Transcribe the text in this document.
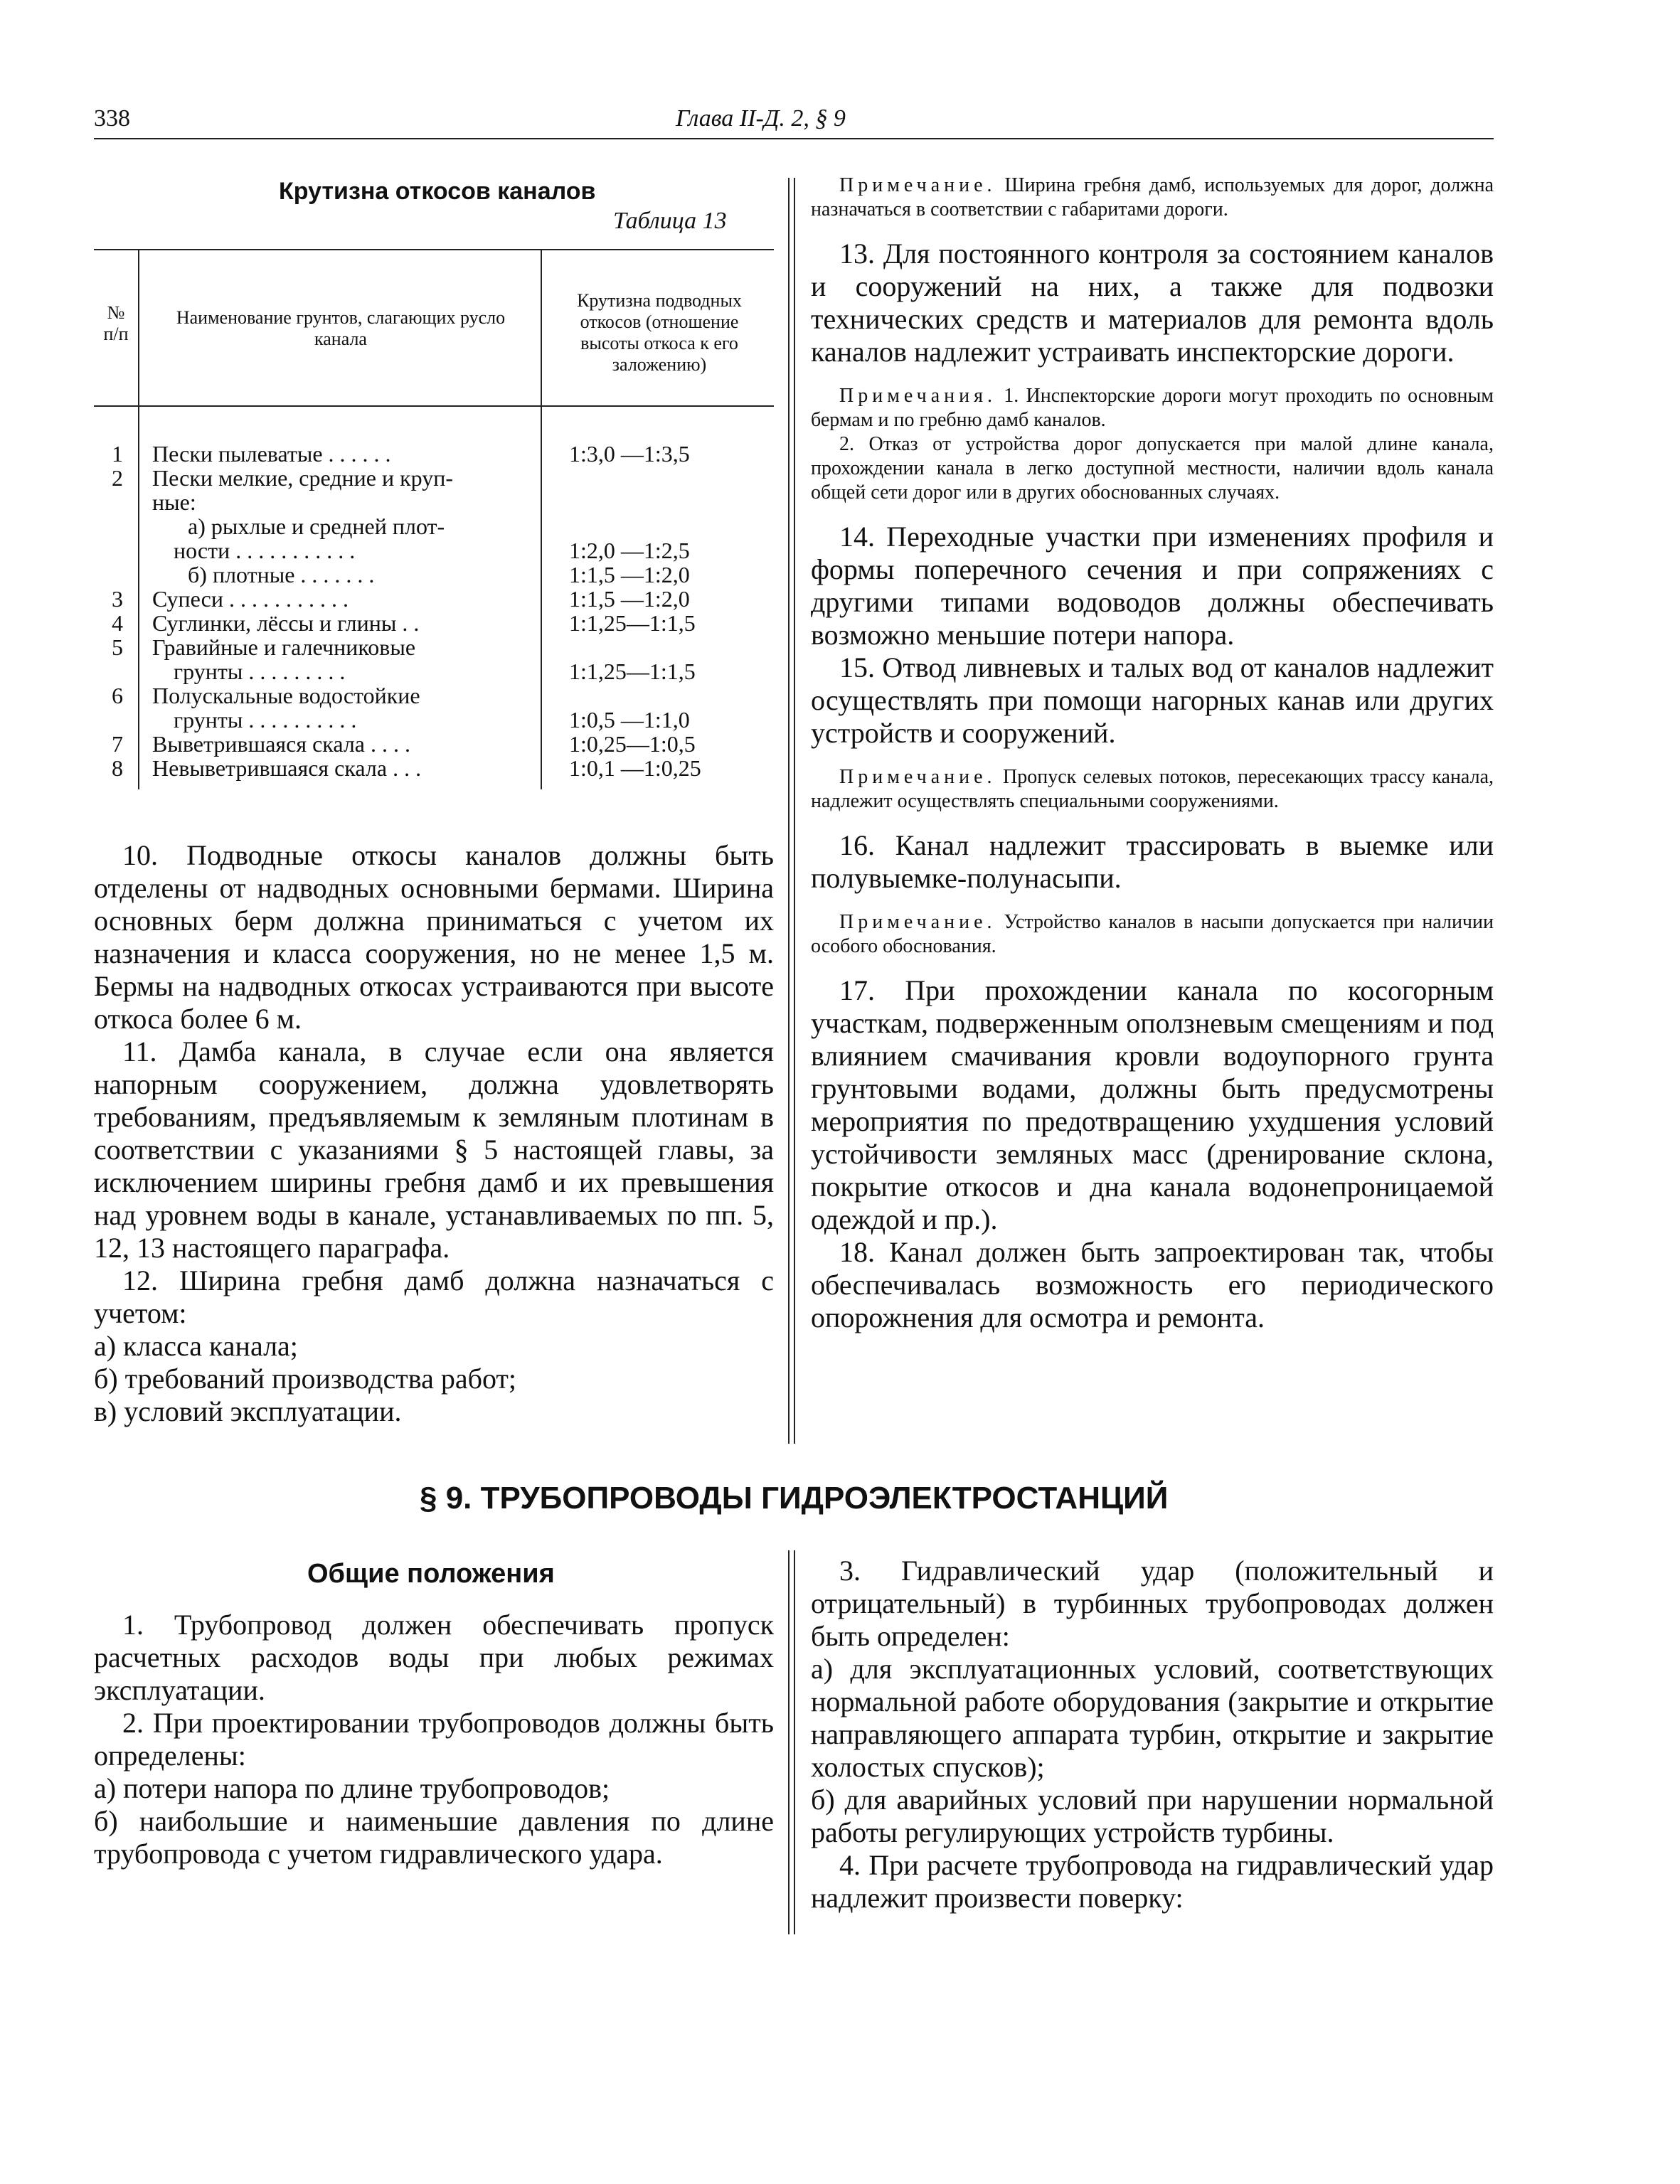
338	Глава II-Д. 2, § 9
Крутизна откосов каналов
Таблица 13
№ п/п
Наименование грунтов, слагающих русло канала
Крутизна подводных откосов (отношение высоты откоса к его заложению)
1	Пески пылеватые . . . . . .	1:3,0 —1:3,5
2	Пески мелкие, средние и круп-
ные:
а) рыхлые и средней плот-
ности . . . . . . . . . . .	1:2,0 —1:2,5
б) плотные . . . . . . .	1:1,5 —1:2,0
3	Супеси . . . . . . . . . . .	1:1,5 —1:2,0
4	Суглинки, лёссы и глины . .	1:1,25—1:1,5
5	Гравийные и галечниковые
грунты . . . . . . . . .	1:1,25—1:1,5
6	Полускальные водостойкие
грунты . . . . . . . . . .	1:0,5 —1:1,0
7	Выветрившаяся скала . . . .	1:0,25—1:0,5
8	Невыветрившаяся скала . . .	1:0,1 —1:0,25

10. Подводные откосы каналов должны быть отделены от надводных основными бермами. Ширина основных берм должна приниматься с учетом их назначения и класса сооружения, но не менее 1,5 м. Бермы на надводных откосах устраиваются при высоте откоса более 6 м.

11. Дамба канала, в случае если она является напорным сооружением, должна удовлетворять требованиям, предъявляемым к земляным плотинам в соответствии с указаниями § 5 настоящей главы, за исключением ширины гребня дамб и их превышения над уровнем воды в канале, устанавливаемых по пп. 5, 12, 13 настоящего параграфа.

12. Ширина гребня дамб должна назначаться с учетом:

а) класса канала;

б) требований производства работ;

в) условий эксплуатации.

Примечание. Ширина гребня дамб, используемых для дорог, должна назначаться в соответствии с габаритами дороги.

13. Для постоянного контроля за состоянием каналов и сооружений на них, а также для подвозки технических средств и материалов для ремонта вдоль каналов надлежит устраивать инспекторские дороги.

Примечания. 1. Инспекторские дороги могут проходить по основным бермам и по гребню дамб каналов.

2. Отказ от устройства дорог допускается при малой длине канала, прохождении канала в легко доступной местности, наличии вдоль канала общей сети дорог или в других обоснованных случаях.

14. Переходные участки при изменениях профиля и формы поперечного сечения и при сопряжениях с другими типами водоводов должны обеспечивать возможно меньшие потери напора.

15. Отвод ливневых и талых вод от каналов надлежит осуществлять при помощи нагорных канав или других устройств и сооружений.

Примечание. Пропуск селевых потоков, пересекающих трассу канала, надлежит осуществлять специальными сооружениями.

16. Канал надлежит трассировать в выемке или полувыемке-полунасыпи.

Примечание. Устройство каналов в насыпи допускается при наличии особого обоснования.

17. При прохождении канала по косогорным участкам, подверженным оползневым смещениям и под влиянием смачивания кровли водоупорного грунта грунтовыми водами, должны быть предусмотрены мероприятия по предотвращению ухудшения условий устойчивости земляных масс (дренирование склона, покрытие откосов и дна канала водонепроницаемой одеждой и пр.).

18. Канал должен быть запроектирован так, чтобы обеспечивалась возможность его периодического опорожнения для осмотра и ремонта.

§ 9. ТРУБОПРОВОДЫ ГИДРОЭЛЕКТРОСТАНЦИЙ
Общие положения

1. Трубопровод должен обеспечивать пропуск расчетных расходов воды при любых режимах эксплуатации.

2. При проектировании трубопроводов должны быть определены:

а) потери напора по длине трубопроводов;

б) наибольшие и наименьшие давления по длине трубопровода с учетом гидравлического удара.

3. Гидравлический удар (положительный и отрицательный) в турбинных трубопроводах должен быть определен:

а) для эксплуатационных условий, соответствующих нормальной работе оборудования (закрытие и открытие направляющего аппарата турбин, открытие и закрытие холостых спусков);

б) для аварийных условий при нарушении нормальной работы регулирующих устройств турбины.

4. При расчете трубопровода на гидравлический удар надлежит произвести поверку:
